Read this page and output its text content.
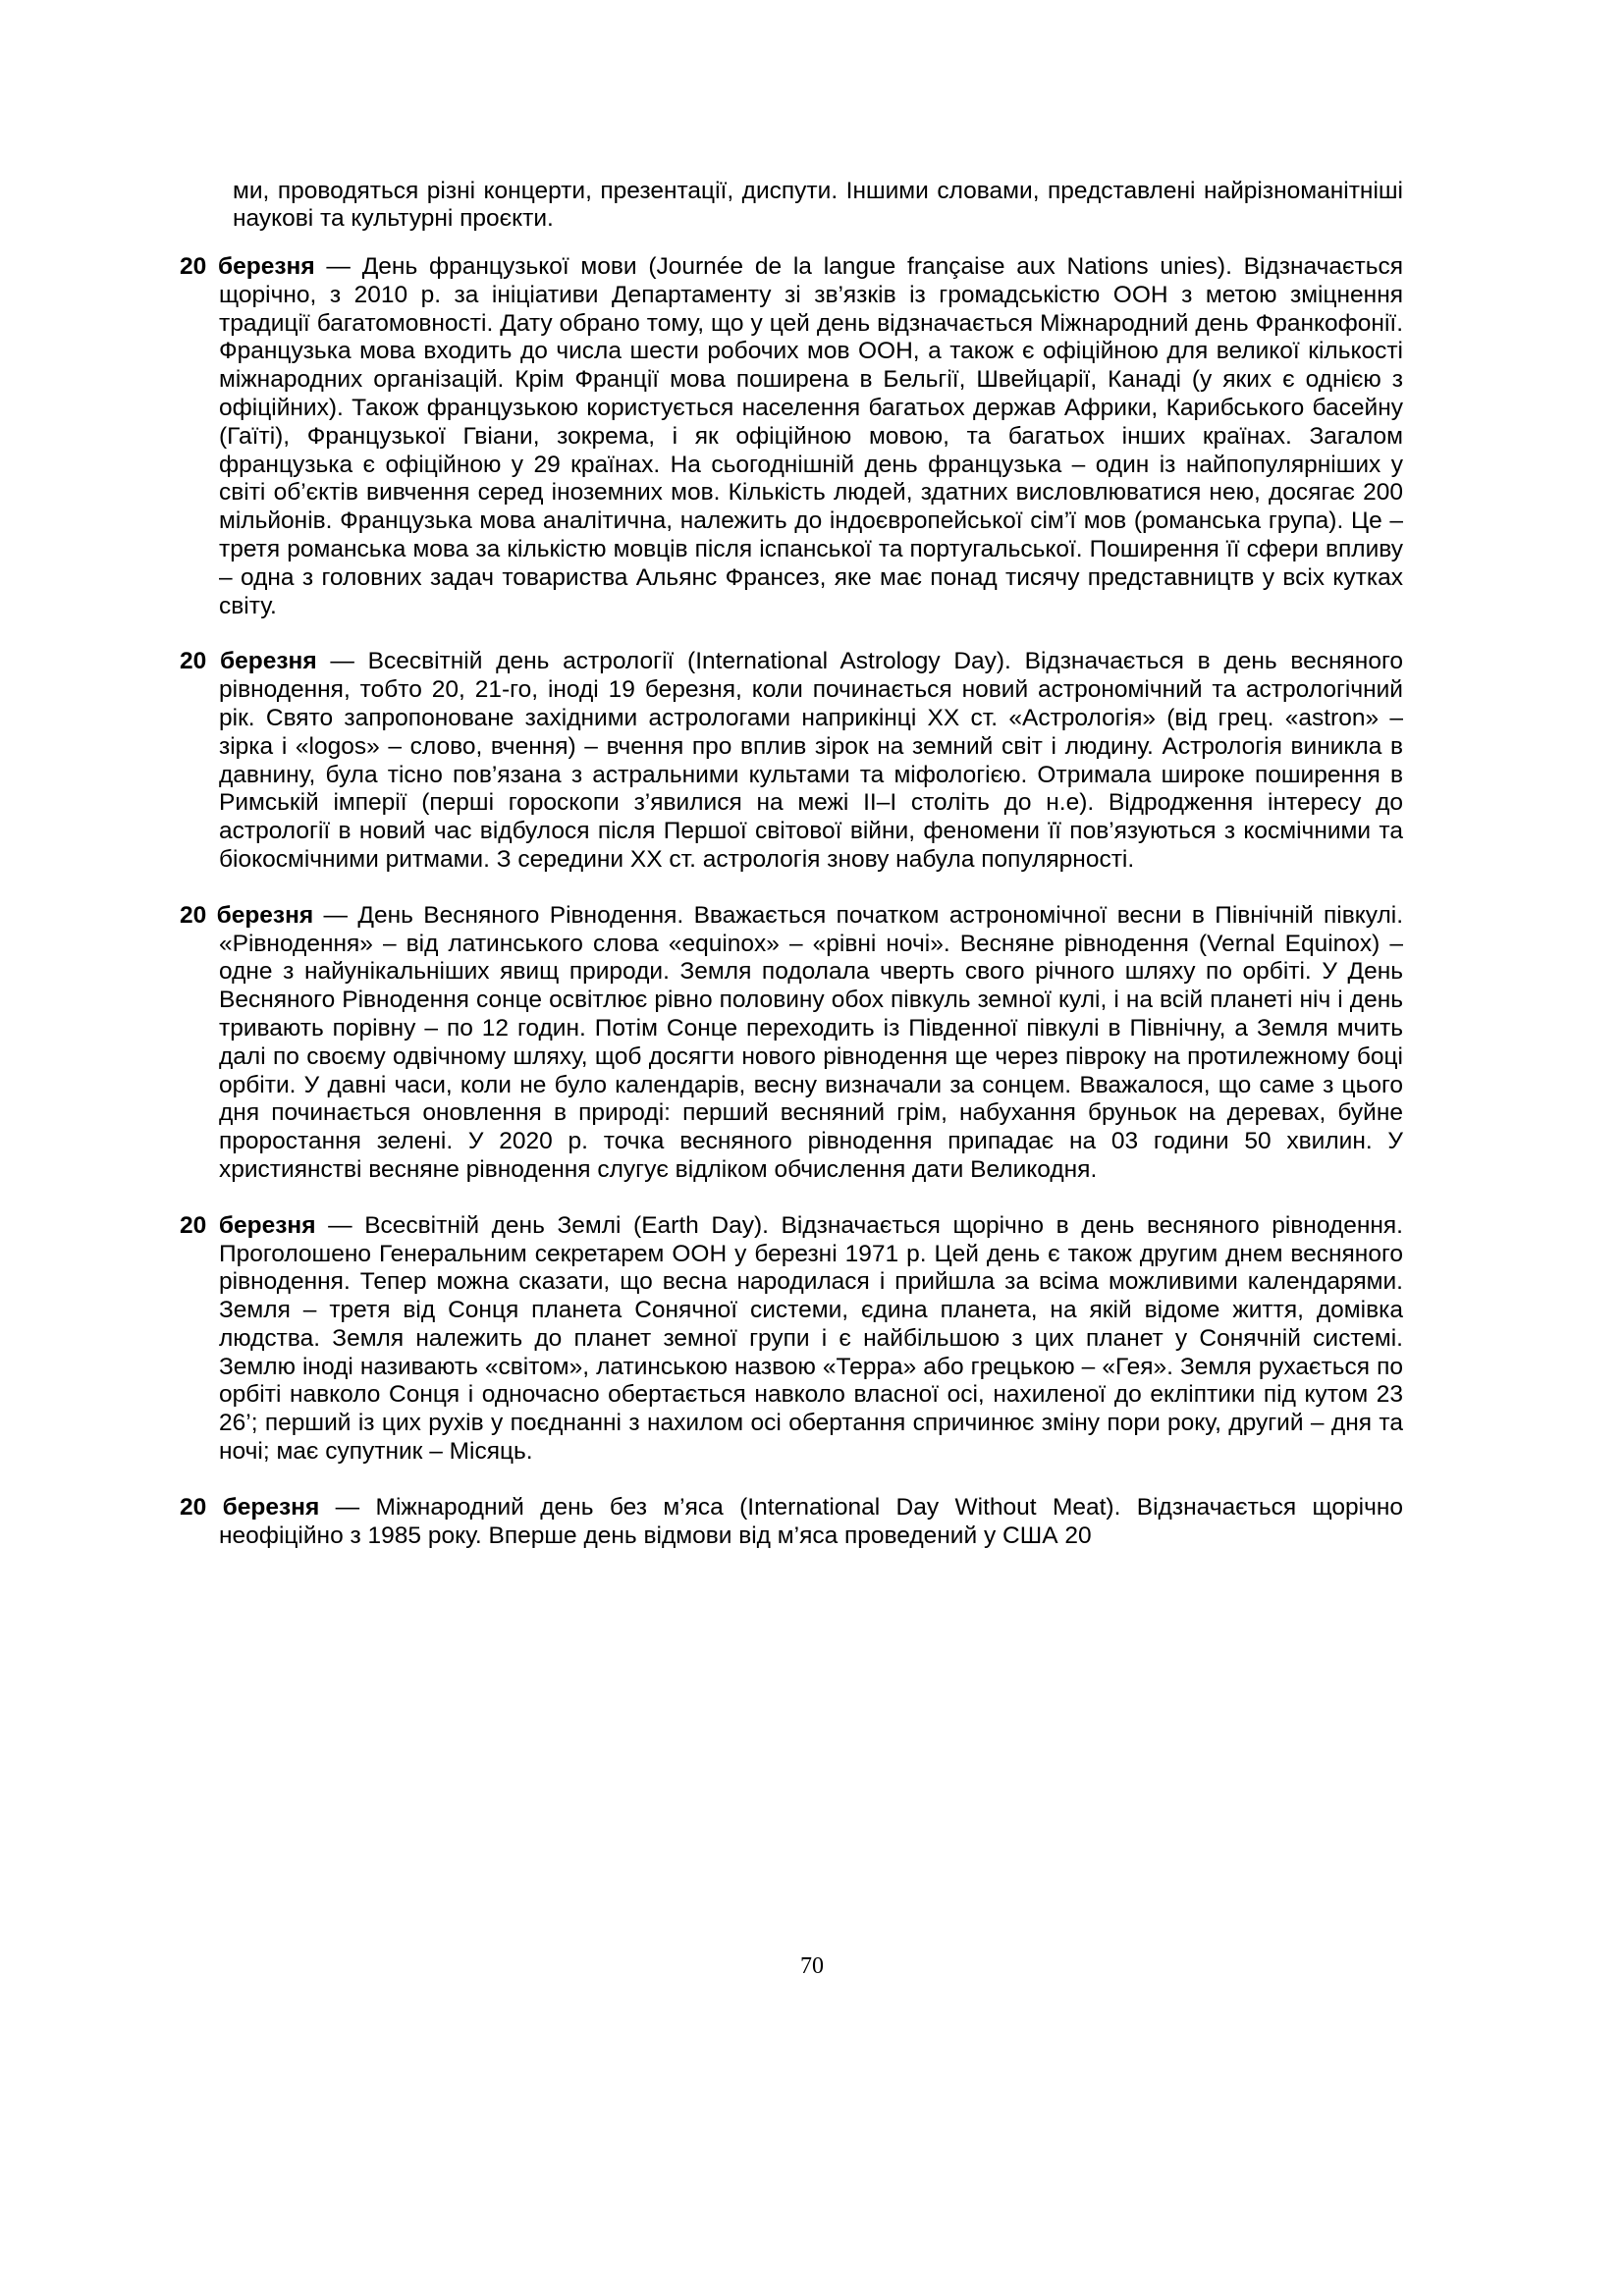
ми, проводяться різні концерти, презентації, диспути. Іншими словами, представлені найрізноманітніші наукові та культурні проєкти.

20 березня — День французької мови (Journée de la langue française aux Nations unies). Відзначається щорічно, з 2010 р. за ініціативи Департаменту зі зв’язків із громадськістю ООН з метою зміцнення традиції багатомовності. Дату обрано тому, що у цей день відзначається Міжнародний день Франкофонії. Французька мова входить до числа шести робочих мов ООН, а також є офіційною для великої кількості міжнародних організацій. Крім Франції мова поширена в Бельгії, Швейцарії, Канаді (у яких є однією з офіційних). Також французькою користується населення багатьох держав Африки, Карибського басейну (Гаїті), Французької Гвіани, зокрема, і як офіційною мовою, та багатьох інших країнах. Загалом французька є офіційною у 29 країнах. На сьогоднішній день французька – один із найпопулярніших у світі об’єктів вивчення серед іноземних мов. Кількість людей, здатних висловлюватися нею, досягає 200 мільйонів. Французька мова аналітична, належить до індоєвропейської сім’ї мов (романська група). Це – третя романська мова за кількістю мовців після іспанської та португальської. Поширення її сфери впливу – одна з головних задач товариства Альянс Франсез, яке має понад тисячу представництв у всіх кутках світу.

20 березня — Всесвітній день астрології (International Astrology Day). Відзначається в день весняного рівнодення, тобто 20, 21-го, іноді 19 березня, коли починається новий астрономічний та астрологічний рік. Свято запропоноване західними астрологами наприкінці XX ст. «Астрологія» (від грец. «astron» – зірка і «logos» – слово, вчення) – вчення про вплив зірок на земний світ і людину. Астрологія виникла в давнину, була тісно пов’язана з астральними культами та міфологією. Отримала широке поширення в Римській імперії (перші гороскопи з’явилися на межі II–I століть до н.е). Відродження інтересу до астрології в новий час відбулося після Першої світової війни, феномени її пов’язуються з космічними та біокосмічними ритмами. З середини XX ст. астрологія знову набула популярності.

20 березня — День Весняного Рівнодення. Вважається початком астрономічної весни в Північній півкулі. «Рівнодення» – від латинського слова «equinox» – «рівні ночі». Весняне рівнодення (Vernal Equinox) – одне з найунікальніших явищ природи. Земля подолала чверть свого річного шляху по орбіті. У День Весняного Рівнодення сонце освітлює рівно половину обох півкуль земної кулі, і на всій планеті ніч і день тривають порівну – по 12 годин. Потім Сонце переходить із Південної півкулі в Північну, а Земля мчить далі по своєму одвічному шляху, щоб досягти нового рівнодення ще через півроку на протилежному боці орбіти. У давні часи, коли не було календарів, весну визначали за сонцем. Вважалося, що саме з цього дня починається оновлення в природі: перший весняний грім, набухання бруньок на деревах, буйне проростання зелені. У 2020 р. точка весняного рівнодення припадає на 03 години 50 хвилин. У християнстві весняне рівнодення слугує відліком обчислення дати Великодня.

20 березня — Всесвітній день Землі (Earth Day). Відзначається щорічно в день весняного рівнодення. Проголошено Генеральним секретарем ООН у березні 1971 р. Цей день є також другим днем весняного рівнодення. Тепер можна сказати, що весна народилася і прийшла за всіма можливими календарями. Земля – третя від Сонця планета Сонячної системи, єдина планета, на якій відоме життя, домівка людства. Земля належить до планет земної групи і є найбільшою з цих планет у Сонячній системі. Землю іноді називають «світом», латинською назвою «Терра» або грецькою – «Гея». Земля рухається по орбіті навколо Сонця і одночасно обертається навколо власної осі, нахиленої до екліптики під кутом 23 26’; перший із цих рухів у поєднанні з нахилом осі обертання спричинює зміну пори року, другий – дня та ночі; має супутник – Місяць.

20 березня — Міжнародний день без м’яса (International Day Without Meat). Відзначається щорічно неофіційно з 1985 року. Вперше день відмови від м’яса проведений у США 20

70
